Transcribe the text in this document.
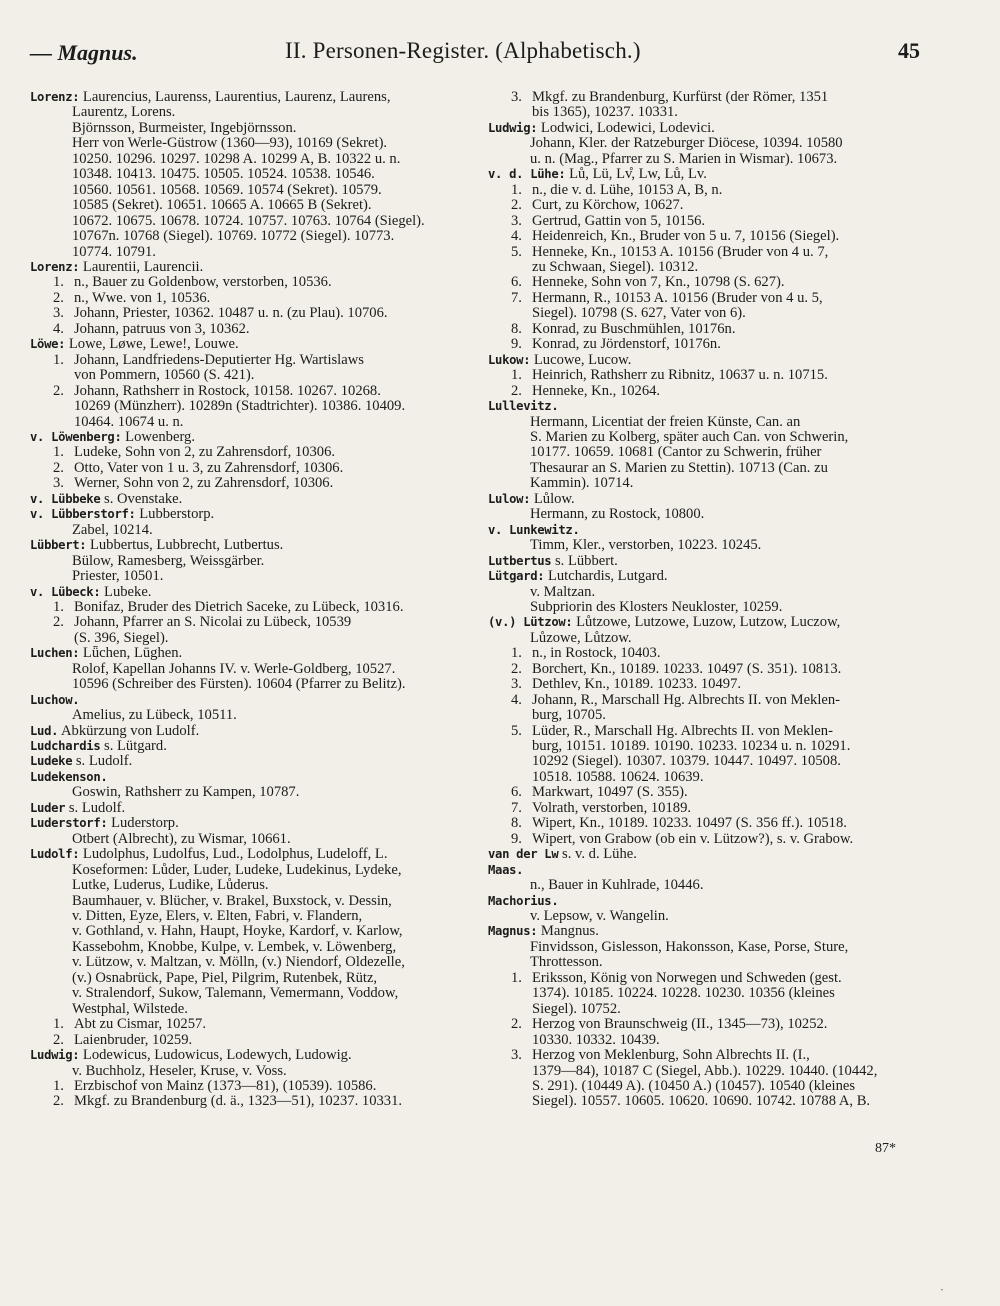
— Magnus.	II. Personen-Register. (Alphabetisch.)	45
Lorenz: Laurencius, Laurenss, Laurentius, Laurenz, Laurens,
Laurentz, Lorens.
Björnsson, Burmeister, Ingebjörnsson.
Herr von Werle-Güstrow (1360—93), 10169 (Sekret).
10250. 10296. 10297. 10298 A. 10299 A, B. 10322 u. n.
10348. 10413. 10475. 10505. 10524. 10538. 10546.
10560. 10561. 10568. 10569. 10574 (Sekret). 10579.
10585 (Sekret). 10651. 10665 A. 10665 B (Sekret).
10672. 10675. 10678. 10724. 10757. 10763. 10764 (Siegel).
10767n. 10768 (Siegel). 10769. 10772 (Siegel). 10773.
10774. 10791.
Lorenz: Laurentii, Laurencii.
1. n., Bauer zu Goldenbow, verstorben, 10536.
2. n., Wwe. von 1, 10536.
3. Johann, Priester, 10362. 10487 u. n. (zu Plau). 10706.
4. Johann, patruus von 3, 10362.
Löwe: Lowe, Løwe, Lewe!, Louwe.
1. Johann, Landfriedens-Deputierter Hg. Wartislaws
von Pommern, 10560 (S. 421).
2. Johann, Rathsherr in Rostock, 10158. 10267. 10268.
10269 (Münzherr). 10289n (Stadtrichter). 10386. 10409.
10464. 10674 u. n.
v. Löwenberg: Lowenberg.
1. Ludeke, Sohn von 2, zu Zahrensdorf, 10306.
2. Otto, Vater von 1 u. 3, zu Zahrensdorf, 10306.
3. Werner, Sohn von 2, zu Zahrensdorf, 10306.
v. Lübbeke s. Ovenstake.
v. Lübberstorf: Lubberstorp.
Zabel, 10214.
Lübbert: Lubbertus, Lubbrecht, Lutbertus.
Bülow, Ramesberg, Weissgärber.
Priester, 10501.
v. Lübeck: Lubeke.
1. Bonifaz, Bruder des Dietrich Saceke, zu Lübeck, 10316.
2. Johann, Pfarrer an S. Nicolai zu Lübeck, 10539
(S. 396, Siegel).
Luchen: Lǖchen, Lūghen.
Rolof, Kapellan Johanns IV. v. Werle-Goldberg, 10527.
10596 (Schreiber des Fürsten). 10604 (Pfarrer zu Belitz).
Luchow.
Amelius, zu Lübeck, 10511.
Lud. Abkürzung von Ludolf.
Ludchardis s. Lütgard.
Ludeke s. Ludolf.
Ludekenson.
Goswin, Rathsherr zu Kampen, 10787.
Luder s. Ludolf.
Luderstorf: Luderstorp.
Otbert (Albrecht), zu Wismar, 10661.
Ludolf: Ludolphus, Ludolfus, Lud., Lodolphus, Ludeloff, L.
Koseformen: Lůder, Luder, Ludeke, Ludekinus, Lydeke,
Lutke, Luderus, Ludike, Lůderus.
Baumhauer, v. Blücher, v. Brakel, Buxstock, v. Dessin,
v. Ditten, Eyze, Elers, v. Elten, Fabri, v. Flandern,
v. Gothland, v. Hahn, Haupt, Hoyke, Kardorf, v. Karlow,
Kassebohm, Knobbe, Kulpe, v. Lembek, v. Löwenberg,
v. Lützow, v. Maltzan, v. Mölln, (v.) Niendorf, Oldezelle,
(v.) Osnabrück, Pape, Piel, Pilgrim, Rutenbek, Rütz,
v. Stralendorf, Sukow, Talemann, Vemermann, Voddow,
Westphal, Wilstede.
1. Abt zu Cismar, 10257.
2. Laienbruder, 10259.
Ludwig: Lodewicus, Ludowicus, Lodewych, Ludowig.
v. Buchholz, Heseler, Kruse, v. Voss.
1. Erzbischof von Mainz (1373—81), (10539). 10586.
2. Mkgf. zu Brandenburg (d. ä., 1323—51), 10237. 10331.
3. Mkgf. zu Brandenburg, Kurfürst (der Römer, 1351
bis 1365), 10237. 10331.
Ludwig: Lodwici, Lodewici, Lodevici.
Johann, Kler. der Ratzeburger Diöcese, 10394. 10580
u. n. (Mag., Pfarrer zu S. Marien in Wismar). 10673.
v. d. Lühe: Lů, Lü, Lv̊, Lw, Lů, Lv.
1. n., die v. d. Lühe, 10153 A, B, n.
2. Curt, zu Körchow, 10627.
3. Gertrud, Gattin von 5, 10156.
4. Heidenreich, Kn., Bruder von 5 u. 7, 10156 (Siegel).
5. Henneke, Kn., 10153 A. 10156 (Bruder von 4 u. 7,
zu Schwaan, Siegel). 10312.
6. Henneke, Sohn von 7, Kn., 10798 (S. 627).
7. Hermann, R., 10153 A. 10156 (Bruder von 4 u. 5,
Siegel). 10798 (S. 627, Vater von 6).
8. Konrad, zu Buschmühlen, 10176n.
9. Konrad, zu Jördenstorf, 10176n.
Lukow: Lucowe, Lucow.
1. Heinrich, Rathsherr zu Ribnitz, 10637 u. n. 10715.
2. Henneke, Kn., 10264.
Lullevitz.
Hermann, Licentiat der freien Künste, Can. an
S. Marien zu Kolberg, später auch Can. von Schwerin,
10177. 10659. 10681 (Cantor zu Schwerin, früher
Thesaurar an S. Marien zu Stettin). 10713 (Can. zu
Kammin). 10714.
Lulow: Lůlow.
Hermann, zu Rostock, 10800.
v. Lunkewitz.
Timm, Kler., verstorben, 10223. 10245.
Lutbertus s. Lübbert.
Lütgard: Lutchardis, Lutgard.
v. Maltzan.
Subpriorin des Klosters Neukloster, 10259.
(v.) Lützow: Lůtzowe, Lutzowe, Luzow, Lutzow, Luczow,
Lůzowe, Lůtzow.
1. n., in Rostock, 10403.
2. Borchert, Kn., 10189. 10233. 10497 (S. 351). 10813.
3. Dethlev, Kn., 10189. 10233. 10497.
4. Johann, R., Marschall Hg. Albrechts II. von Meklen-
burg, 10705.
5. Lüder, R., Marschall Hg. Albrechts II. von Meklen-
burg, 10151. 10189. 10190. 10233. 10234 u. n. 10291.
10292 (Siegel). 10307. 10379. 10447. 10497. 10508.
10518. 10588. 10624. 10639.
6. Markwart, 10497 (S. 355).
7. Volrath, verstorben, 10189.
8. Wipert, Kn., 10189. 10233. 10497 (S. 356 ff.). 10518.
9. Wipert, von Grabow (ob ein v. Lützow?), s. v. Grabow.
van der Lw s. v. d. Lühe.
Maas.
n., Bauer in Kuhlrade, 10446.
Machorius.
v. Lepsow, v. Wangelin.
Magnus: Mangnus.
Finvidsson, Gislesson, Hakonsson, Kase, Porse, Sture,
Throttesson.
1. Eriksson, König von Norwegen und Schweden (gest.
1374). 10185. 10224. 10228. 10230. 10356 (kleines
Siegel). 10752.
2. Herzog von Braunschweig (II., 1345—73), 10252.
10330. 10332. 10439.
3. Herzog von Meklenburg, Sohn Albrechts II. (I.,
1379—84), 10187 C (Siegel, Abb.). 10229. 10440. (10442,
S. 291). (10449 A). (10450 A.) (10457). 10540 (kleines
Siegel). 10557. 10605. 10620. 10690. 10742. 10788 A, B.
87*
·
